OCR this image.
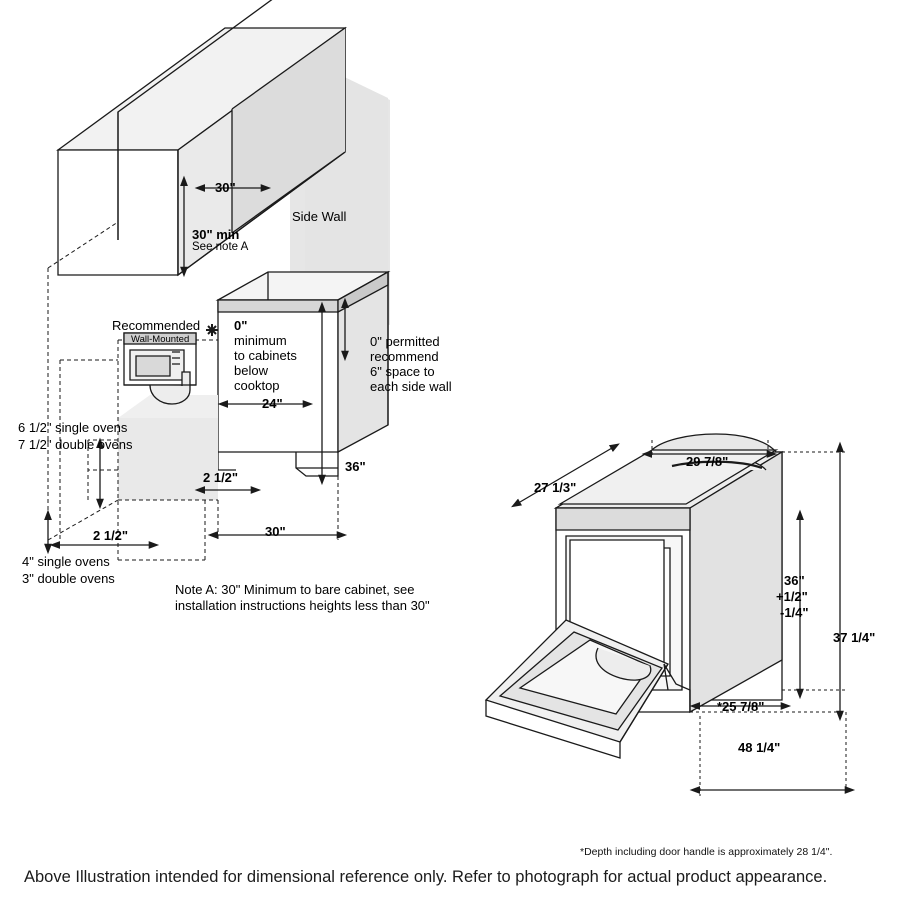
30"
Side Wall
30" min
See note A
0"
minimum
to cabinets
below
cooktop
0" permitted
recommend
6" space to
each side wall
24"
36"
Recommended
Wall-Mounted
6 1/2" single ovens
7 1/2" double ovens
2 1/2"
2 1/2"	30"
4" single ovens
3" double ovens
Note A: 30" Minimum to bare cabinet, see
installation instructions heights less than 30"
29 7/8"
27 1/3"
36"
+1/2"
-1/4"
37 1/4"
*25 7/8"
48 1/4"
*Depth including door handle is approximately 28 1/4".
Above Illustration intended for dimensional reference only. Refer to photograph for actual product appearance.
